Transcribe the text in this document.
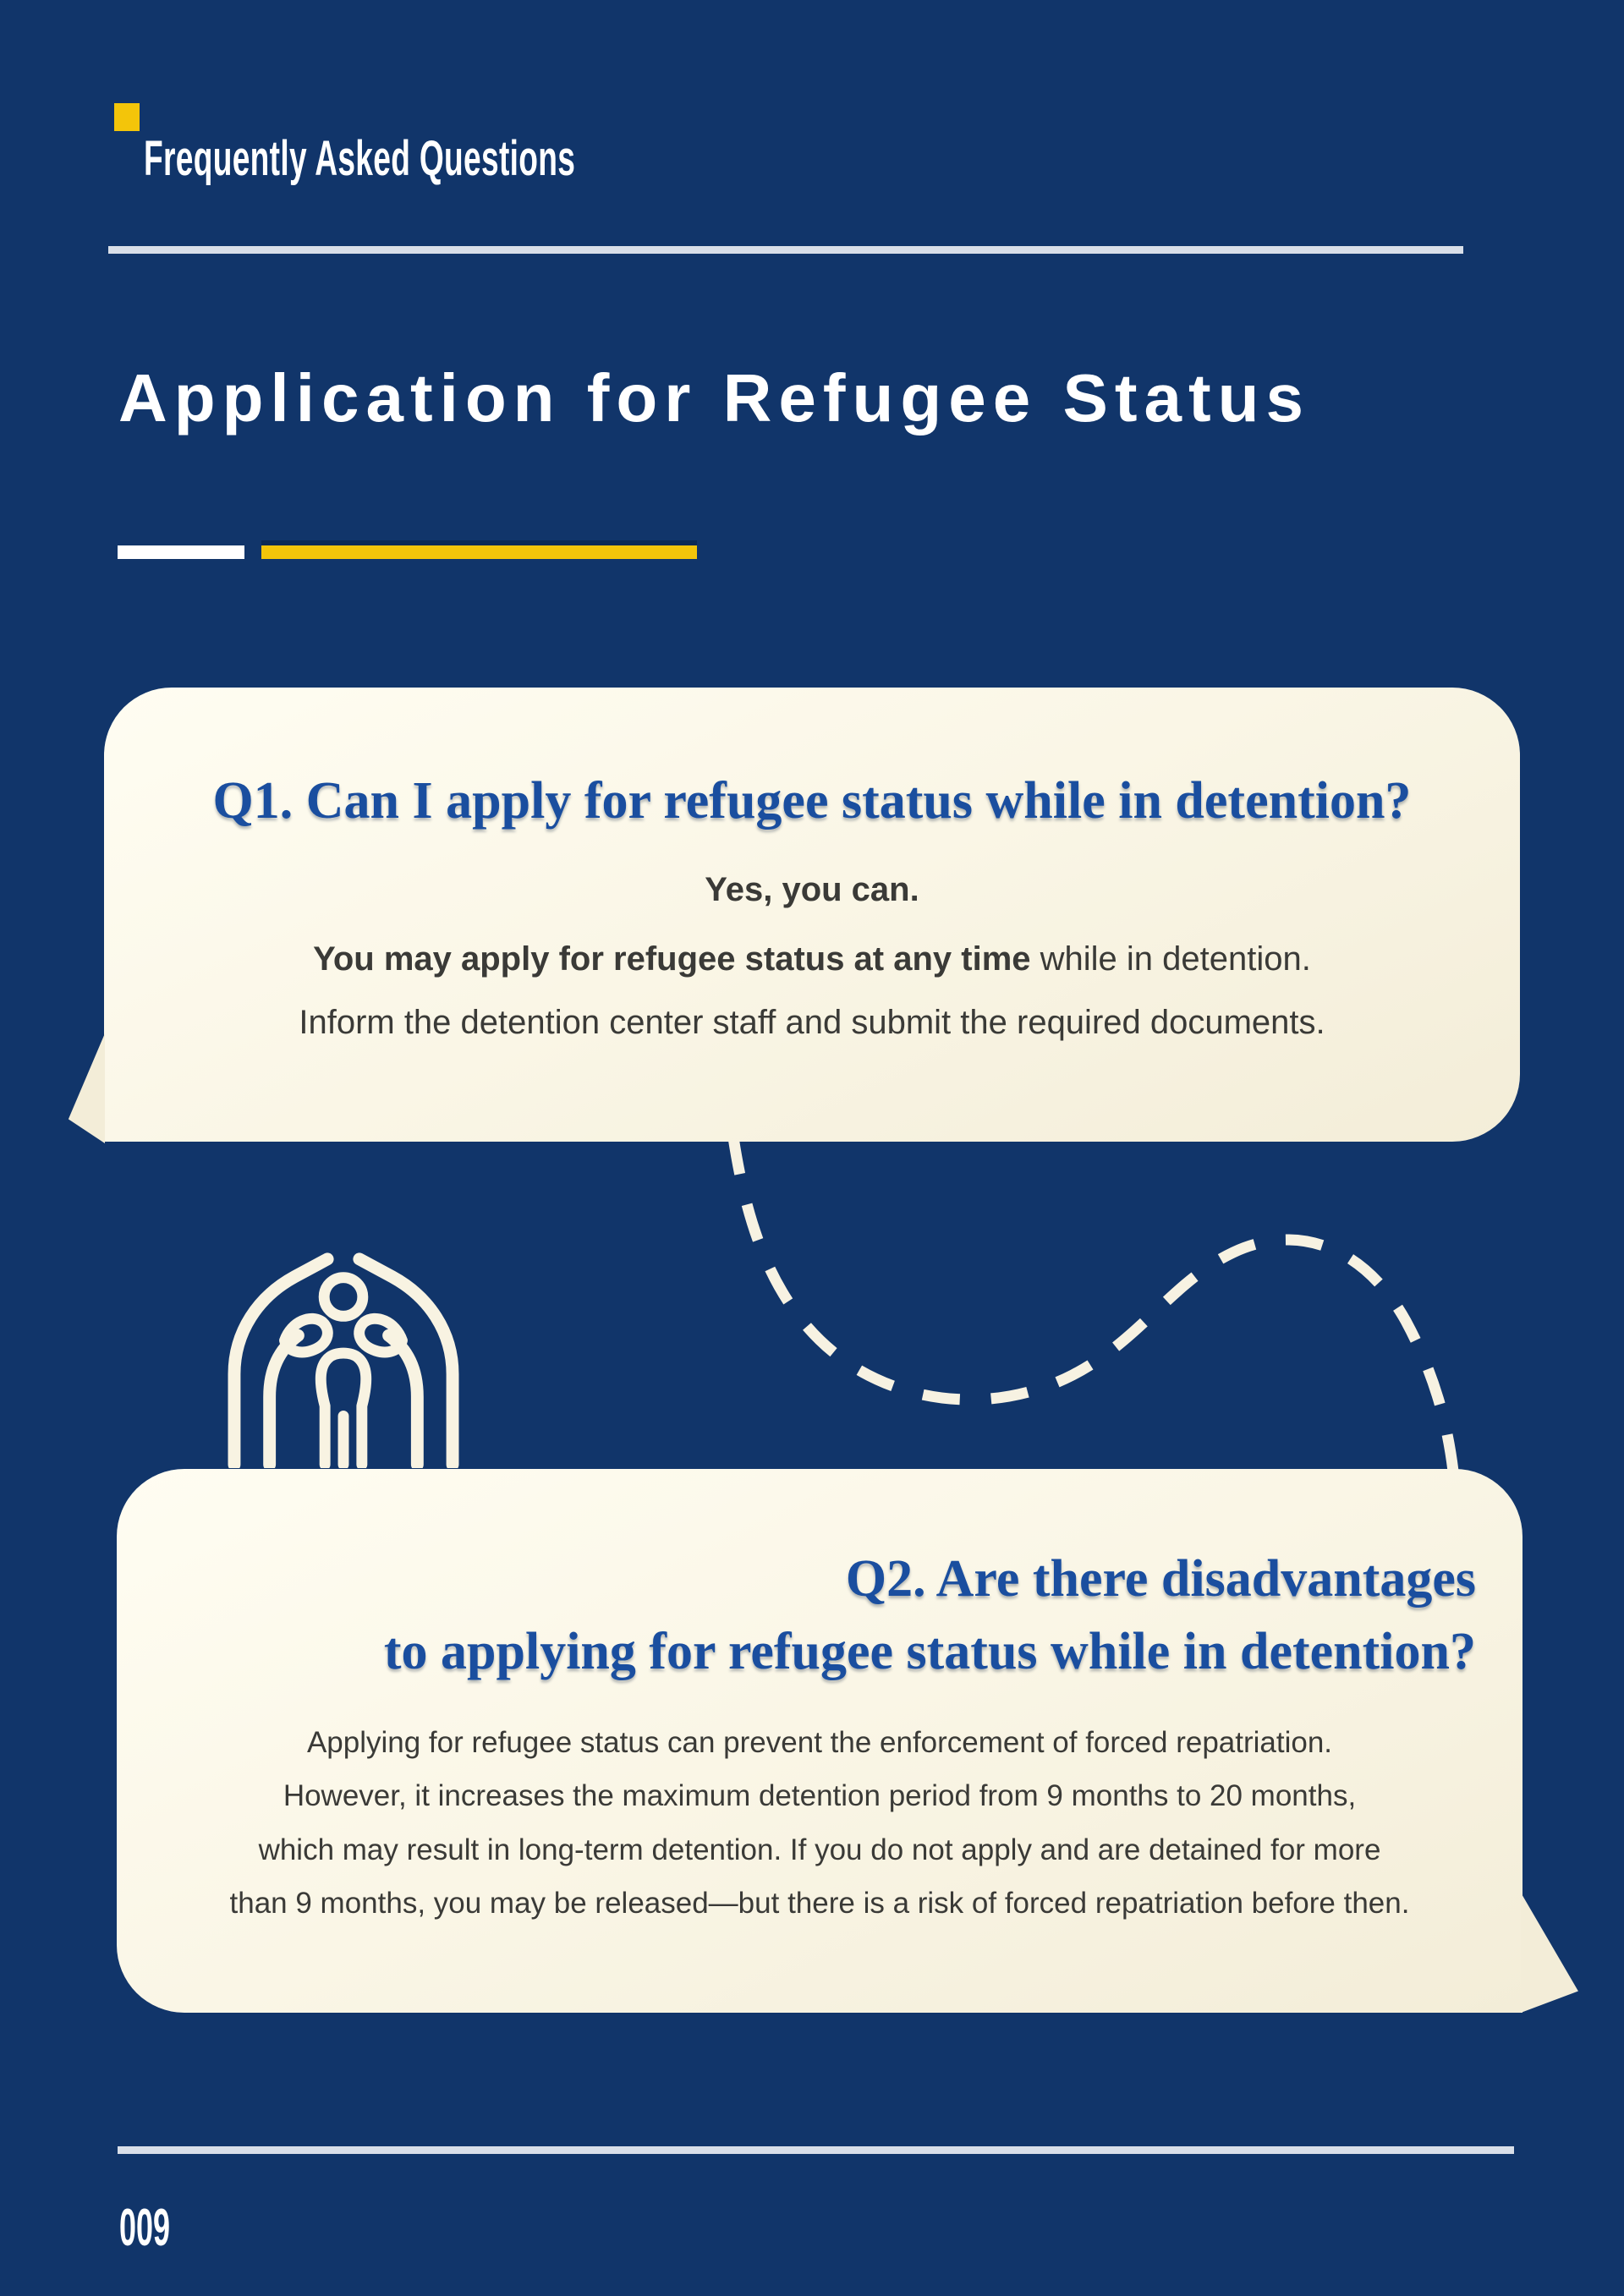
Frequently Asked Questions
Application for Refugee Status
Q1. Can I apply for refugee status while in detention?
Yes, you can.
You may apply for refugee status at any time while in detention.
Inform the detention center staff and submit the required documents.
Q2. Are there disadvantages
to applying for refugee status while in detention?
Applying for refugee status can prevent the enforcement of forced repatriation.
However, it increases the maximum detention period from 9 months to 20 months,
which may result in long-term detention. If you do not apply and are detained for more
than 9 months, you may be released—but there is a risk of forced repatriation before then.
009
